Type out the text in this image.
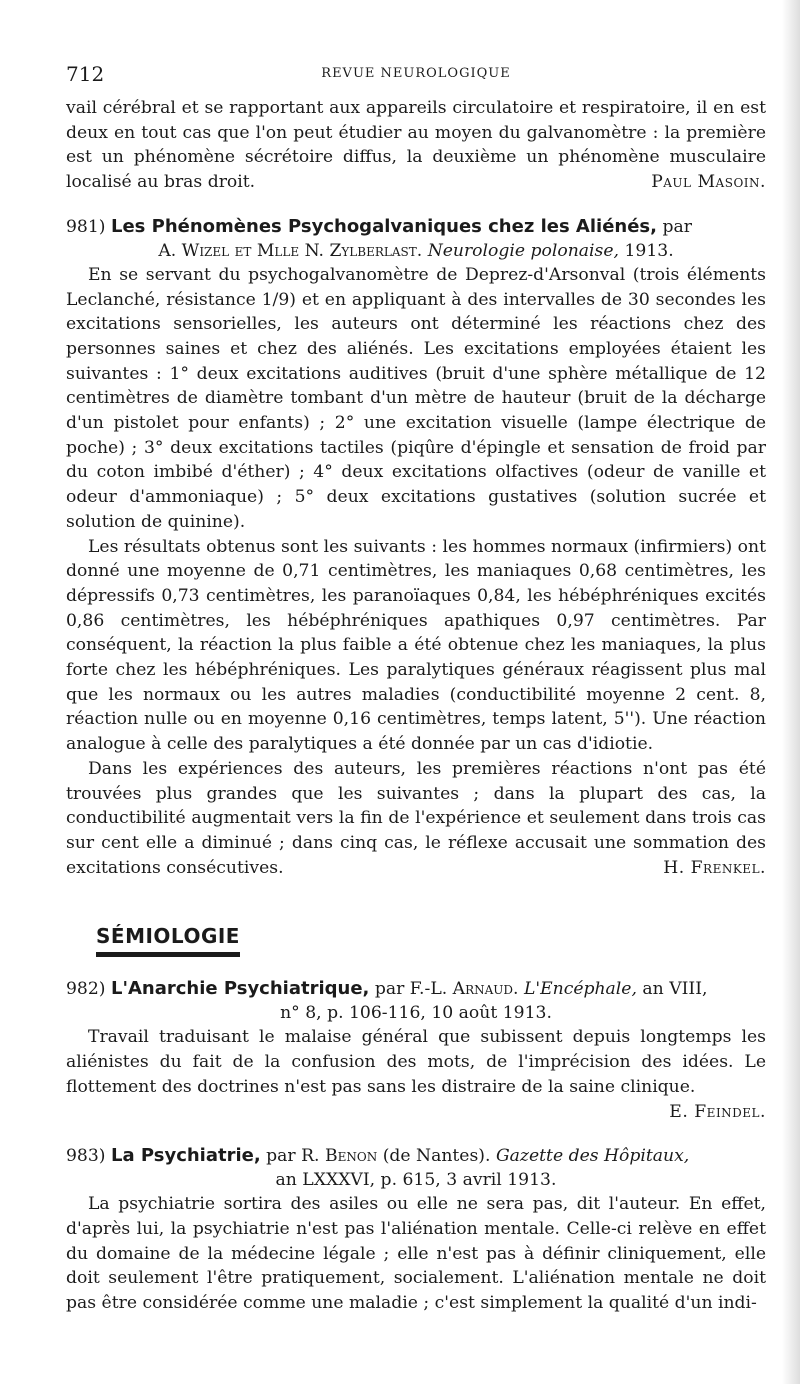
712	REVUE NEUROLOGIQUE

vail cérébral et se rapportant aux appareils circulatoire et respiratoire, il en est deux en tout cas que l'on peut étudier au moyen du galvanomètre : la première est un phénomène sécrétoire diffus, la deuxième un phénomène musculaire localisé au bras droit.	Paul Masoin.

981) Les Phénomènes Psychogalvaniques chez les Aliénés, par
A. Wizel et Mlle N. Zylberlast. Neurologie polonaise, 1913.

En se servant du psychogalvanomètre de Deprez-d'Arsonval (trois éléments Leclanché, résistance 1/9) et en appliquant à des intervalles de 30 secondes les excitations sensorielles, les auteurs ont déterminé les réactions chez des personnes saines et chez des aliénés. Les excitations employées étaient les suivantes : 1° deux excitations auditives (bruit d'une sphère métallique de 12 centimètres de diamètre tombant d'un mètre de hauteur (bruit de la décharge d'un pistolet pour enfants) ; 2° une excitation visuelle (lampe électrique de poche) ; 3° deux excitations tactiles (piqûre d'épingle et sensation de froid par du coton imbibé d'éther) ; 4° deux excitations olfactives (odeur de vanille et odeur d'ammoniaque) ; 5° deux excitations gustatives (solution sucrée et solution de quinine).

Les résultats obtenus sont les suivants : les hommes normaux (infirmiers) ont donné une moyenne de 0,71 centimètres, les maniaques 0,68 centimètres, les dépressifs 0,73 centimètres, les paranoïaques 0,84, les hébéphréniques excités 0,86 centimètres, les hébéphréniques apathiques 0,97 centimètres. Par conséquent, la réaction la plus faible a été obtenue chez les maniaques, la plus forte chez les hébéphréniques. Les paralytiques généraux réagissent plus mal que les normaux ou les autres maladies (conductibilité moyenne 2 cent. 8, réaction nulle ou en moyenne 0,16 centimètres, temps latent, 5''). Une réaction analogue à celle des paralytiques a été donnée par un cas d'idiotie.

Dans les expériences des auteurs, les premières réactions n'ont pas été trouvées plus grandes que les suivantes ; dans la plupart des cas, la conductibilité augmentait vers la fin de l'expérience et seulement dans trois cas sur cent elle a diminué ; dans cinq cas, le réflexe accusait une sommation des excitations consécutives.	H. Frenkel.

SÉMIOLOGIE
982) L'Anarchie Psychiatrique, par F.-L. Arnaud. L'Encéphale, an VIII,
n° 8, p. 106-116, 10 août 1913.

Travail traduisant le malaise général que subissent depuis longtemps les aliénistes du fait de la confusion des mots, de l'imprécision des idées. Le flottement des doctrines n'est pas sans les distraire de la saine clinique.

E. Feindel.

983) La Psychiatrie, par R. Benon (de Nantes). Gazette des Hôpitaux,
an LXXXVI, p. 615, 3 avril 1913.

La psychiatrie sortira des asiles ou elle ne sera pas, dit l'auteur. En effet, d'après lui, la psychiatrie n'est pas l'aliénation mentale. Celle-ci relève en effet du domaine de la médecine légale ; elle n'est pas à définir cliniquement, elle doit seulement l'être pratiquement, socialement. L'aliénation mentale ne doit pas être considérée comme une maladie ; c'est simplement la qualité d'un indi-
